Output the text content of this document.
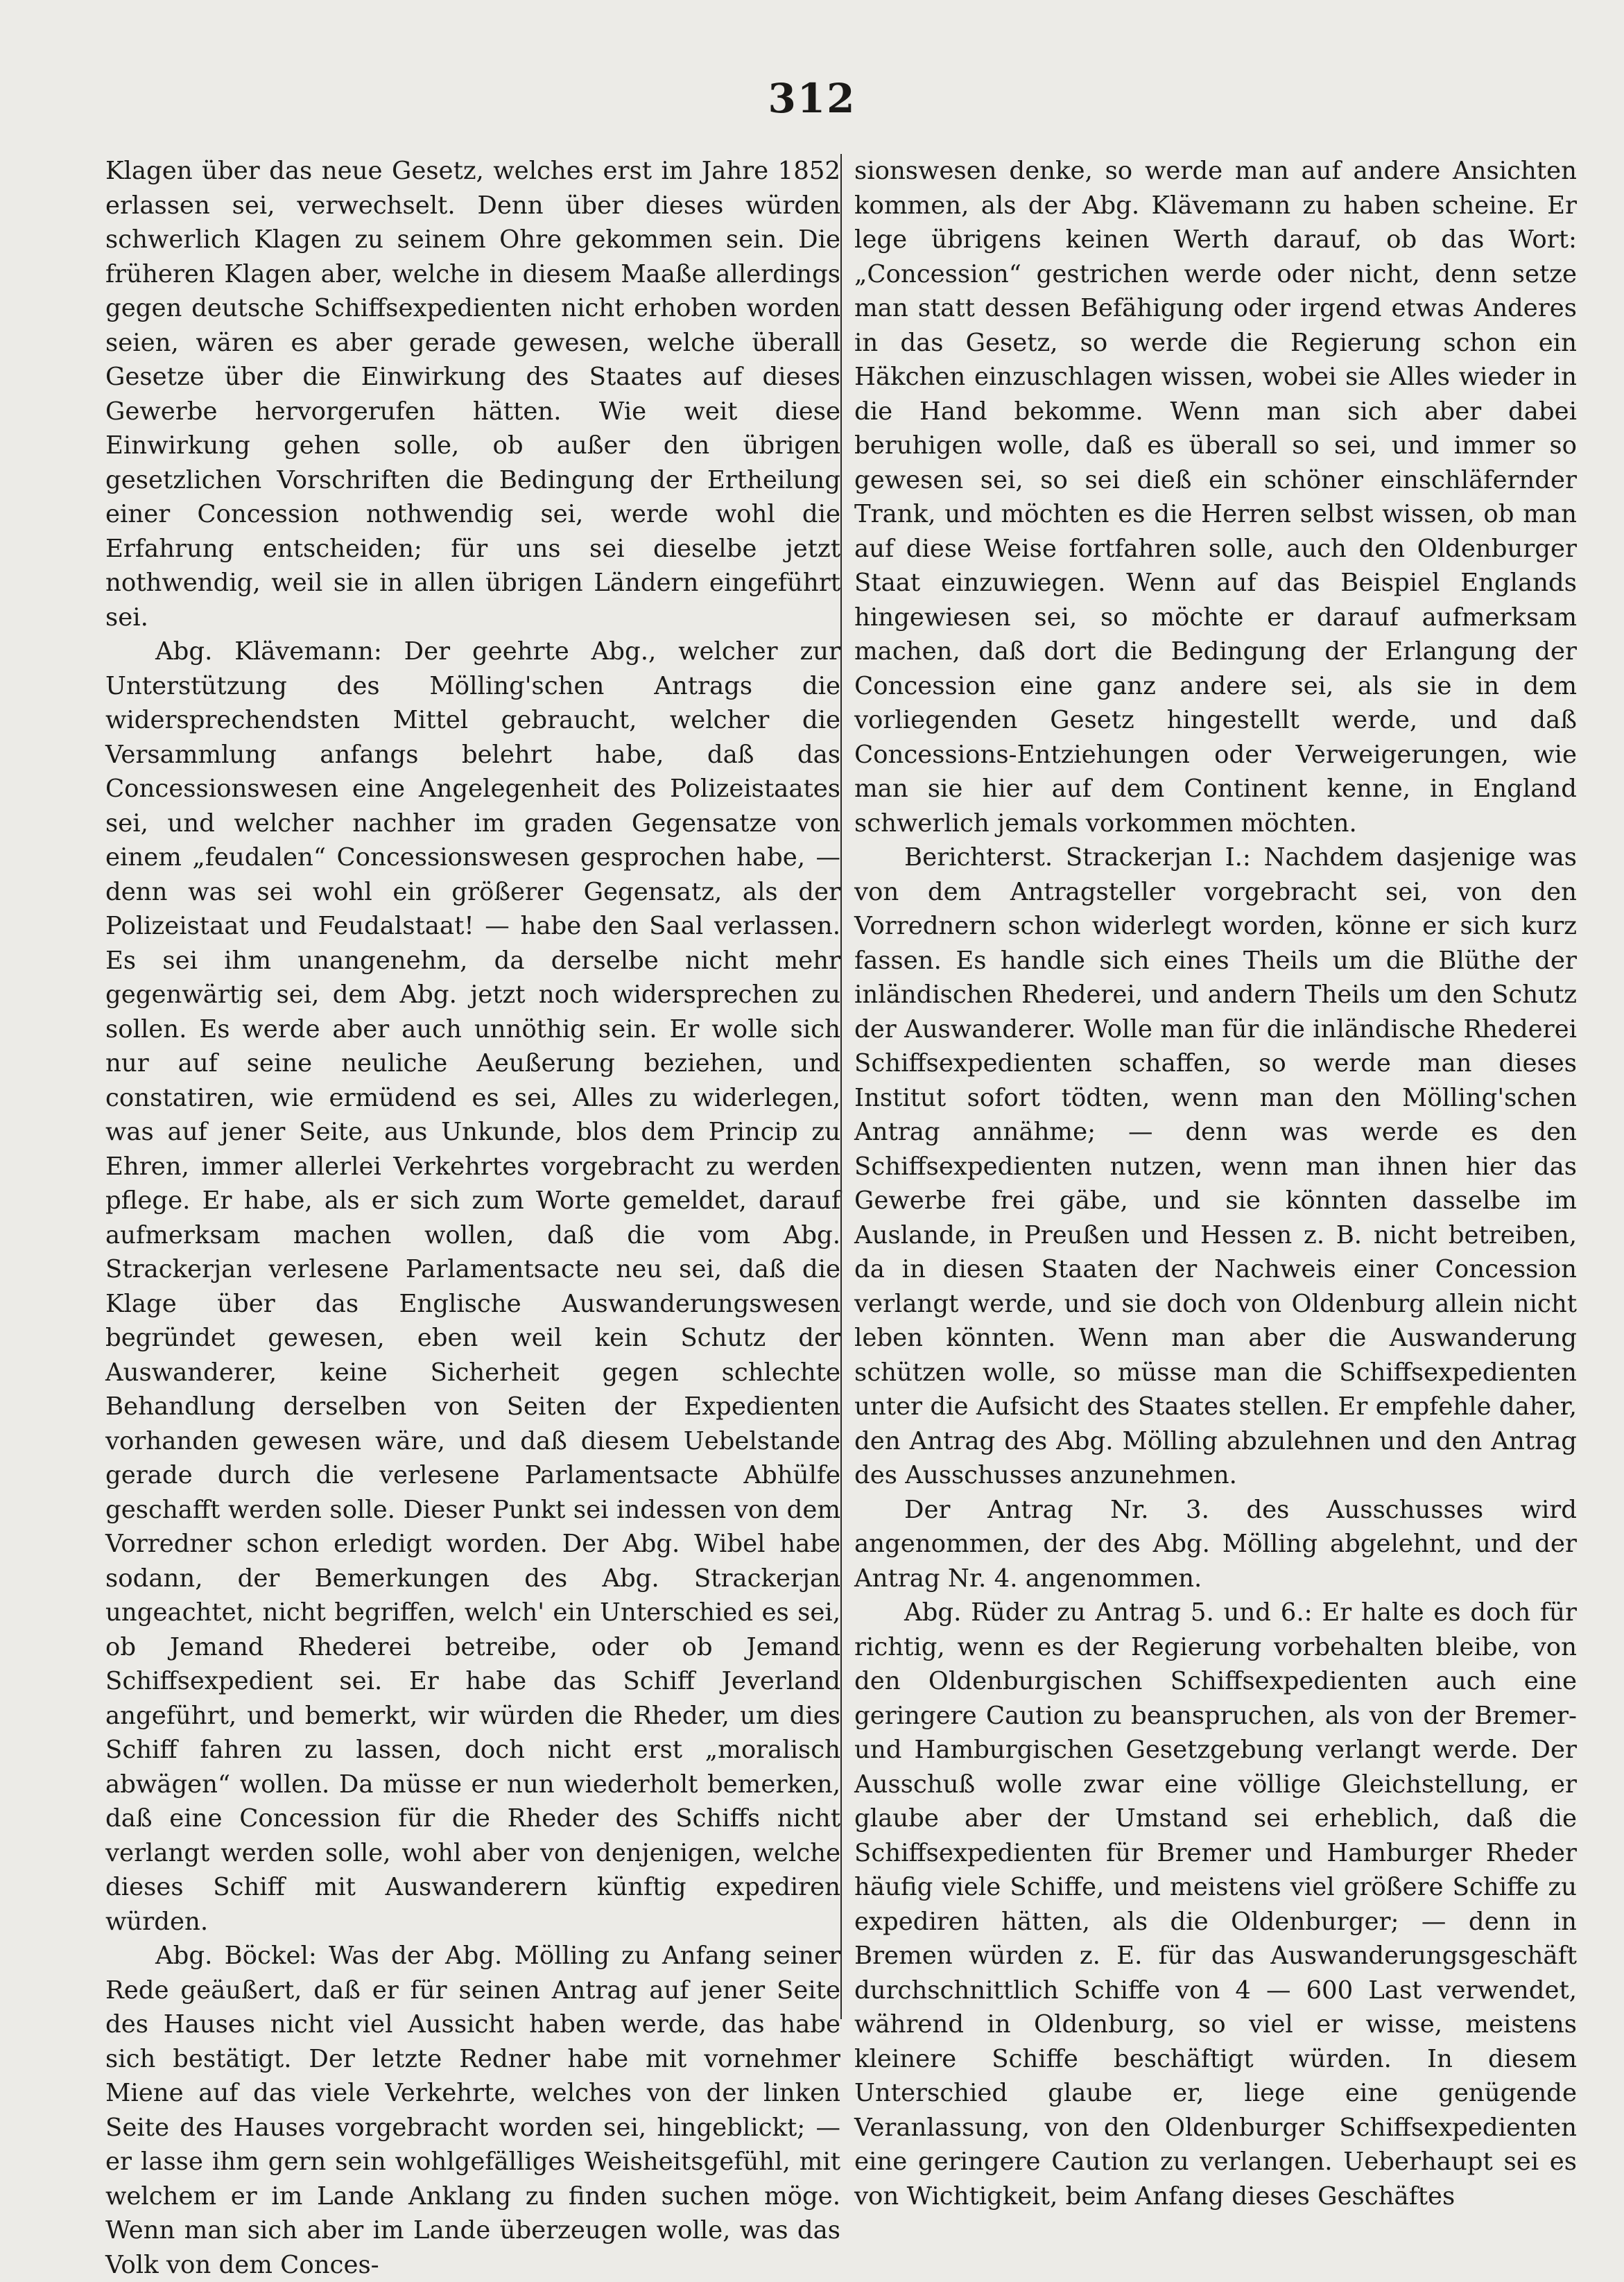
312

Klagen über das neue Gesetz, welches erst im Jahre 1852 erlassen sei, verwechselt. Denn über dieses würden schwerlich Klagen zu seinem Ohre gekommen sein. Die früheren Klagen aber, welche in diesem Maaße allerdings gegen deutsche Schiffsexpedienten nicht erhoben worden seien, wären es aber gerade gewesen, welche überall Gesetze über die Einwirkung des Staates auf dieses Gewerbe hervorgerufen hätten. Wie weit diese Einwirkung gehen solle, ob außer den übrigen gesetzlichen Vorschriften die Bedingung der Ertheilung einer Concession nothwendig sei, werde wohl die Erfahrung entscheiden; für uns sei dieselbe jetzt nothwendig, weil sie in allen übrigen Ländern eingeführt sei.

Abg. Klävemann: Der geehrte Abg., welcher zur Unterstützung des Mölling'schen Antrags die widersprechendsten Mittel gebraucht, welcher die Versammlung anfangs belehrt habe, daß das Concessionswesen eine Angelegenheit des Polizeistaates sei, und welcher nachher im graden Gegensatze von einem „feudalen“ Concessionswesen gesprochen habe, — denn was sei wohl ein größerer Gegensatz, als der Polizeistaat und Feudalstaat! — habe den Saal verlassen. Es sei ihm unangenehm, da derselbe nicht mehr gegenwärtig sei, dem Abg. jetzt noch widersprechen zu sollen. Es werde aber auch unnöthig sein. Er wolle sich nur auf seine neuliche Aeußerung beziehen, und constatiren, wie ermüdend es sei, Alles zu widerlegen, was auf jener Seite, aus Unkunde, blos dem Princip zu Ehren, immer allerlei Verkehrtes vorgebracht zu werden pflege. Er habe, als er sich zum Worte gemeldet, darauf aufmerksam machen wollen, daß die vom Abg. Strackerjan verlesene Parlamentsacte neu sei, daß die Klage über das Englische Auswanderungswesen begründet gewesen, eben weil kein Schutz der Auswanderer, keine Sicherheit gegen schlechte Behandlung derselben von Seiten der Expedienten vorhanden gewesen wäre, und daß diesem Uebelstande gerade durch die verlesene Parlamentsacte Abhülfe geschafft werden solle. Dieser Punkt sei indessen von dem Vorredner schon erledigt worden. Der Abg. Wibel habe sodann, der Bemerkungen des Abg. Strackerjan ungeachtet, nicht begriffen, welch' ein Unterschied es sei, ob Jemand Rhederei betreibe, oder ob Jemand Schiffsexpedient sei. Er habe das Schiff Jeverland angeführt, und bemerkt, wir würden die Rheder, um dies Schiff fahren zu lassen, doch nicht erst „moralisch abwägen“ wollen. Da müsse er nun wiederholt bemerken, daß eine Concession für die Rheder des Schiffs nicht verlangt werden solle, wohl aber von denjenigen, welche dieses Schiff mit Auswanderern künftig expediren würden.

Abg. Böckel: Was der Abg. Mölling zu Anfang seiner Rede geäußert, daß er für seinen Antrag auf jener Seite des Hauses nicht viel Aussicht haben werde, das habe sich bestätigt. Der letzte Redner habe mit vornehmer Miene auf das viele Verkehrte, welches von der linken Seite des Hauses vorgebracht worden sei, hingeblickt; — er lasse ihm gern sein wohlgefälliges Weisheitsgefühl, mit welchem er im Lande Anklang zu finden suchen möge. Wenn man sich aber im Lande überzeugen wolle, was das Volk von dem Conces-

sionswesen denke, so werde man auf andere Ansichten kommen, als der Abg. Klävemann zu haben scheine. Er lege übrigens keinen Werth darauf, ob das Wort: „Concession“ gestrichen werde oder nicht, denn setze man statt dessen Befähigung oder irgend etwas Anderes in das Gesetz, so werde die Regierung schon ein Häkchen einzuschlagen wissen, wobei sie Alles wieder in die Hand bekomme. Wenn man sich aber dabei beruhigen wolle, daß es überall so sei, und immer so gewesen sei, so sei dieß ein schöner einschläfernder Trank, und möchten es die Herren selbst wissen, ob man auf diese Weise fortfahren solle, auch den Oldenburger Staat einzuwiegen. Wenn auf das Beispiel Englands hingewiesen sei, so möchte er darauf aufmerksam machen, daß dort die Bedingung der Erlangung der Concession eine ganz andere sei, als sie in dem vorliegenden Gesetz hingestellt werde, und daß Concessions-Entziehungen oder Verweigerungen, wie man sie hier auf dem Continent kenne, in England schwerlich jemals vorkommen möchten.

Berichterst. Strackerjan I.: Nachdem dasjenige was von dem Antragsteller vorgebracht sei, von den Vorrednern schon widerlegt worden, könne er sich kurz fassen. Es handle sich eines Theils um die Blüthe der inländischen Rhederei, und andern Theils um den Schutz der Auswanderer. Wolle man für die inländische Rhederei Schiffsexpedienten schaffen, so werde man dieses Institut sofort tödten, wenn man den Mölling'schen Antrag annähme; — denn was werde es den Schiffsexpedienten nutzen, wenn man ihnen hier das Gewerbe frei gäbe, und sie könnten dasselbe im Auslande, in Preußen und Hessen z. B. nicht betreiben, da in diesen Staaten der Nachweis einer Concession verlangt werde, und sie doch von Oldenburg allein nicht leben könnten. Wenn man aber die Auswanderung schützen wolle, so müsse man die Schiffsexpedienten unter die Aufsicht des Staates stellen. Er empfehle daher, den Antrag des Abg. Mölling abzulehnen und den Antrag des Ausschusses anzunehmen.

Der Antrag Nr. 3. des Ausschusses wird angenommen, der des Abg. Mölling abgelehnt, und der Antrag Nr. 4. angenommen.

Abg. Rüder zu Antrag 5. und 6.: Er halte es doch für richtig, wenn es der Regierung vorbehalten bleibe, von den Oldenburgischen Schiffsexpedienten auch eine geringere Caution zu beanspruchen, als von der Bremer- und Hamburgischen Gesetzgebung verlangt werde. Der Ausschuß wolle zwar eine völlige Gleichstellung, er glaube aber der Umstand sei erheblich, daß die Schiffsexpedienten für Bremer und Hamburger Rheder häufig viele Schiffe, und meistens viel größere Schiffe zu expediren hätten, als die Oldenburger; — denn in Bremen würden z. E. für das Auswanderungsgeschäft durchschnittlich Schiffe von 4 — 600 Last verwendet, während in Oldenburg, so viel er wisse, meistens kleinere Schiffe beschäftigt würden. In diesem Unterschied glaube er, liege eine genügende Veranlassung, von den Oldenburger Schiffsexpedienten eine geringere Caution zu verlangen. Ueberhaupt sei es von Wichtigkeit, beim Anfang dieses Geschäftes
